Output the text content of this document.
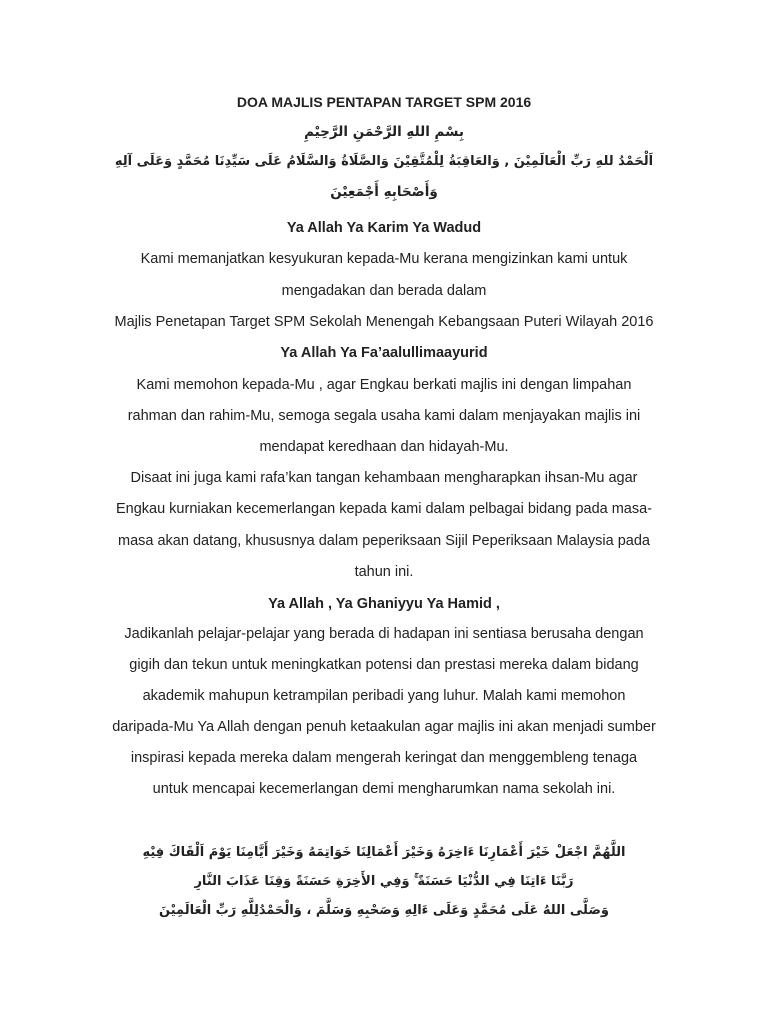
DOA MAJLIS PENTAPAN TARGET SPM 2016
بِسْمِ اللهِ الرَّحْمَنِ الرَّحِيْمِ
اَلْحَمْدُ للهِ رَبِّ الْعَالَمِيْنَ , وَالعَاقِبَةُ لِلْمُتَّقِيْنَ وَالصَّلَاةُ وَالسَّلَامُ عَلَى سَيِّدِنَا مُحَمَّدٍ وَعَلَى آلِهِ
وَأَصْحَابِهِ أَجْمَعِيْنَ
Ya Allah Ya Karim Ya Wadud
Kami memanjatkan kesyukuran kepada-Mu kerana mengizinkan kami untuk
mengadakan dan berada dalam
Majlis Penetapan Target SPM Sekolah Menengah Kebangsaan Puteri Wilayah 2016
Ya Allah Ya Fa’aalullimaayurid
Kami memohon kepada-Mu , agar Engkau berkati majlis ini dengan limpahan
rahman dan rahim-Mu, semoga segala usaha kami dalam menjayakan majlis ini
mendapat keredhaan dan hidayah-Mu.
Disaat ini juga kami rafa’kan tangan kehambaan mengharapkan ihsan-Mu agar
Engkau kurniakan kecemerlangan kepada kami dalam pelbagai bidang pada masa-
masa akan datang, khususnya dalam peperiksaan Sijil Peperiksaan Malaysia pada
tahun ini.
Ya Allah , Ya Ghaniyyu Ya Hamid ,
Jadikanlah pelajar-pelajar yang berada di hadapan ini sentiasa berusaha dengan
gigih dan tekun untuk meningkatkan potensi dan prestasi mereka dalam bidang
akademik mahupun ketrampilan peribadi yang luhur. Malah kami memohon
daripada-Mu Ya Allah dengan penuh ketaakulan agar majlis ini akan menjadi sumber
inspirasi kepada mereka dalam mengerah keringat dan menggembleng tenaga
untuk mencapai kecemerlangan demi mengharumkan nama sekolah ini.
اللَّهُمَّ اجْعَلْ خَيْرَ أَعْمَارِنَا ءَاخِرَهُ وَخَيْرَ أَعْمَالِنَا خَوَاتِمَهُ وَخَيْرَ أَيَّامِنَا يَوْمَ اَلْقَاكَ فِيْهِ
رَبَّنَا ءَاتِنَا فِي الدُّنْيَا حَسَنَةً ۚ وَفِي الأَخِرَةِ حَسَنَةً وَقِنَا عَذَابَ النَّارِ
وَصَلَّى اللهُ عَلَى مُحَمَّدٍ وَعَلَى ءَالِهِ وَصَحْبِهِ وَسَلَّمَ ، وَالْحَمْدُلِلَّهِ رَبِّ الْعَالَمِيْنَ
